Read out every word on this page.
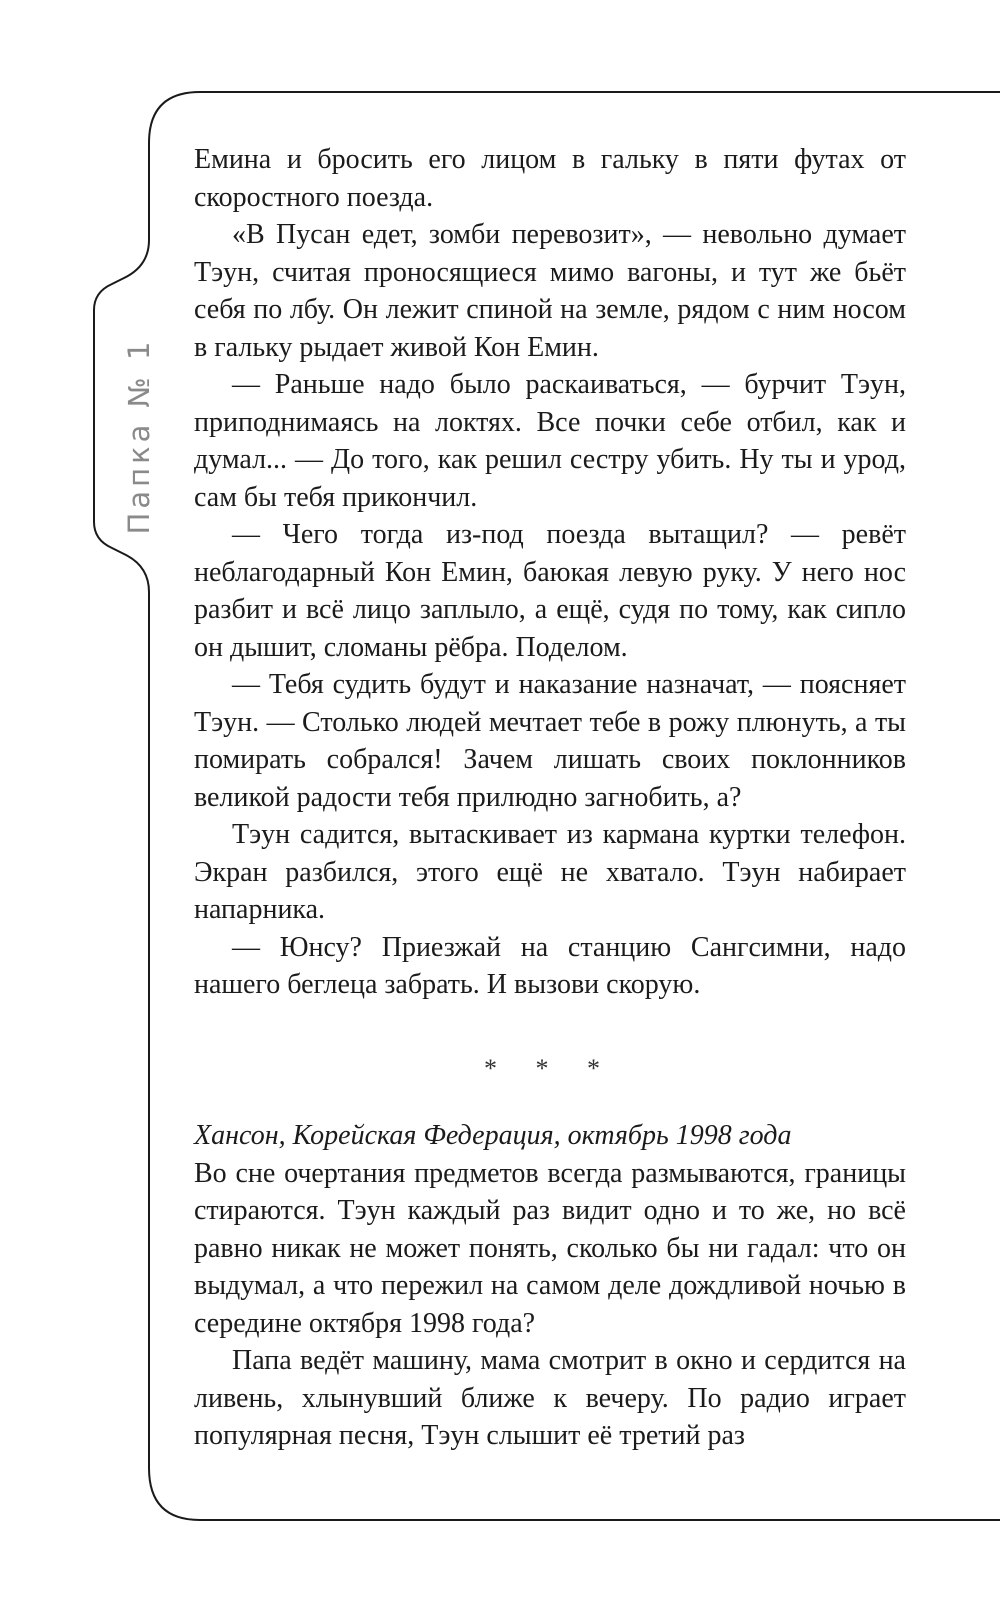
Папка № 1

Емина и бросить его лицом в гальку в пяти футах от скоростного поезда.

«В Пусан едет, зомби перевозит», — невольно думает Тэун, считая проносящиеся мимо вагоны, и тут же бьёт себя по лбу. Он лежит спиной на земле, рядом с ним носом в гальку рыдает живой Кон Емин.

— Раньше надо было раскаиваться, — бурчит Тэун, приподнимаясь на локтях. Все почки себе отбил, как и думал... — До того, как решил сестру убить. Ну ты и урод, сам бы тебя прикончил.

— Чего тогда из-под поезда вытащил? — ревёт неблагодарный Кон Емин, баюкая левую руку. У него нос разбит и всё лицо заплыло, а ещё, судя по тому, как сипло он дышит, сломаны рёбра. Поделом.

— Тебя судить будут и наказание назначат, — поясняет Тэун. — Столько людей мечтает тебе в рожу плюнуть, а ты помирать собрался! Зачем лишать своих поклонников великой радости тебя прилюдно загнобить, а?

Тэун садится, вытаскивает из кармана куртки телефон. Экран разбился, этого ещё не хватало. Тэун набирает напарника.

— Юнсу? Приезжай на станцию Сангсимни, надо нашего беглеца забрать. И вызови скорую.

* * *

Хансон, Корейская Федерация, октябрь 1998 года

Во сне очертания предметов всегда размываются, границы стираются. Тэун каждый раз видит одно и то же, но всё равно никак не может понять, сколько бы ни гадал: что он выдумал, а что пережил на самом деле дождливой ночью в середине октября 1998 года?

Папа ведёт машину, мама смотрит в окно и сердится на ливень, хлынувший ближе к вечеру. По радио играет популярная песня, Тэун слышит её третий раз
